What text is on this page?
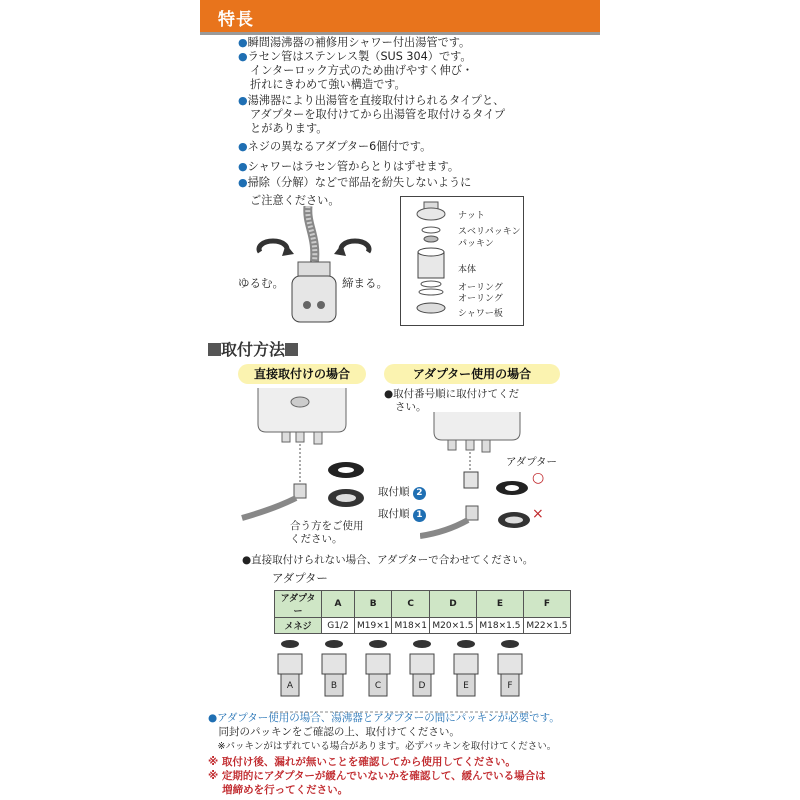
特長
●瞬間湯沸器の補修用シャワー付出湯管です。
●ラセン管はステンレス製（SUS 304）です。
インターロック方式のため曲げやすく伸び・
折れにきわめて強い構造です。
●湯沸器により出湯管を直接取付けられるタイプと、
アダプターを取付けてから出湯管を取付けるタイプ
とがあります。
●ネジの異なるアダプター6個付です。
●シャワーはラセン管からとりはずせます。
●掃除（分解）などで部品を紛失しないように
ご注意ください。
ゆるむ。	締まる。
ナット
スベリパッキン
パッキン
本体
オーリング
オーリング
シャワー板
取付方法
直接取付けの場合
合う方をご使用
ください。
アダプター使用の場合
●取付番号順に取付けてくだ
さい。
アダプター
取付順 2
取付順 1
○
×
●直接取付けられない場合、アダプターで合わせてください。
アダプター
アダプター	A	B	C	D	E	F
メネジ	G1/2	M19×1	M18×1	M20×1.5	M18×1.5	M22×1.5
A	B	C	D	E	F
●アダプター使用の場合、湯沸器とアダプターの間にパッキンが必要です。
　同封のパッキンをご確認の上、取付けてください。
　※パッキンがはずれている場合があります。必ずパッキンを取付けてください。
※ 取付け後、漏れが無いことを確認してから使用してください。
※ 定期的にアダプターが緩んでいないかを確認して、緩んでいる場合は
　 増締めを行ってください。
